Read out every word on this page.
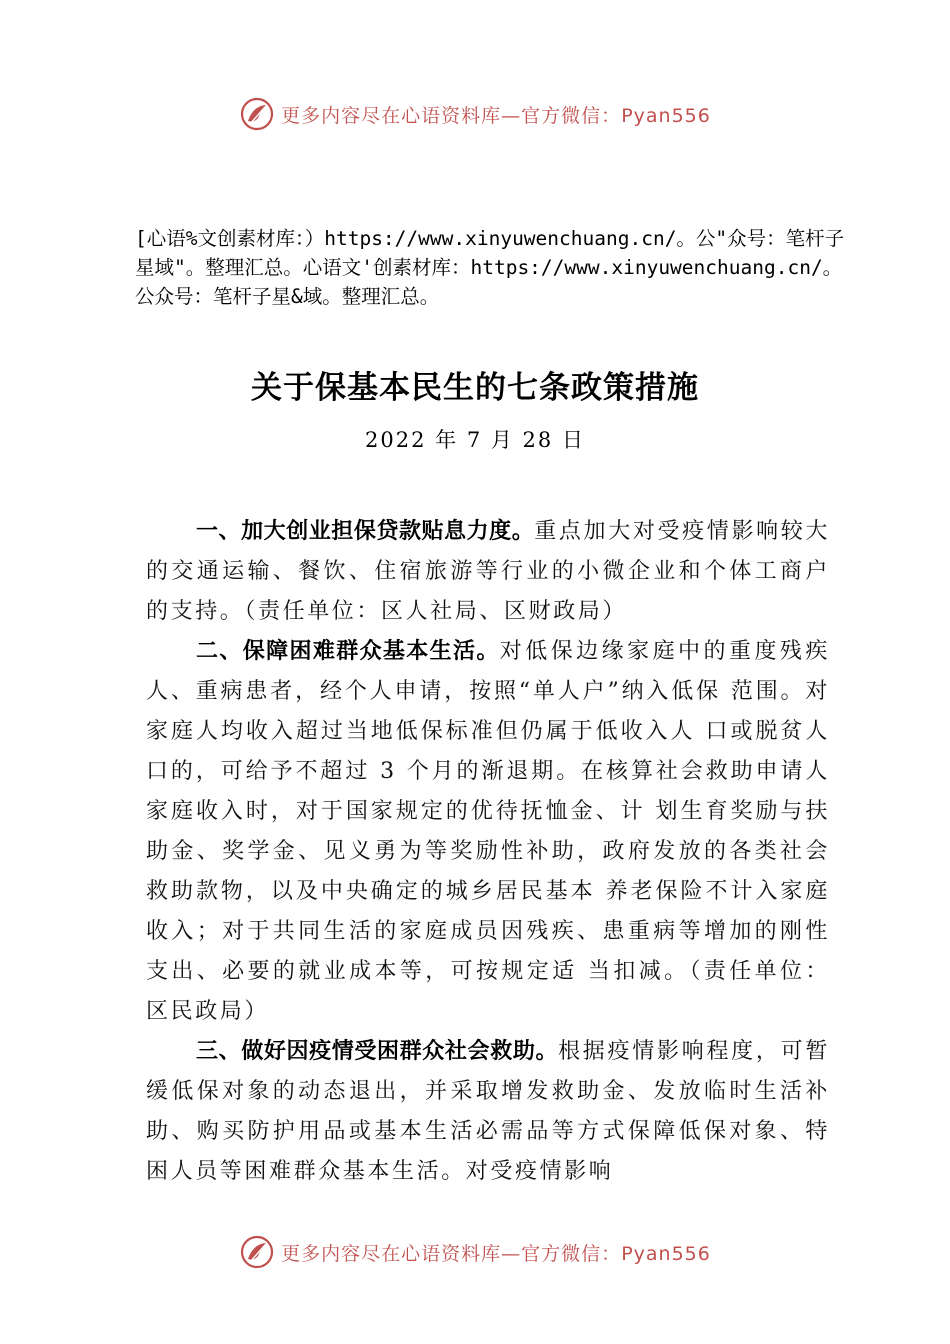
更多内容尽在心语资料库—官方微信：Pyan556
[心语%文创素材库：）https://www.xinyuwenchuang.cn/。公"众号：笔杆子星域"。整理汇总。心语文'创素材库：https://www.xinyuwenchuang.cn/。公众号：笔杆子星&域。整理汇总。
关于保基本民生的七条政策措施
2022 年 7 月 28 日

一、加大创业担保贷款贴息力度。重点加大对受疫情影响较大的交通运输、餐饮、住宿旅游等行业的小微企业和个体工商户的支持。（责任单位：区人社局、区财政局）

二、保障困难群众基本生活。对低保边缘家庭中的重度残疾人、重病患者，经个人申请，按照“单人户”纳入低保 范围。对家庭人均收入超过当地低保标准但仍属于低收入人 口或脱贫人口的，可给予不超过 3 个月的渐退期。在核算社会救助申请人家庭收入时，对于国家规定的优待抚恤金、计 划生育奖励与扶助金、奖学金、见义勇为等奖励性补助，政府发放的各类社会救助款物，以及中央确定的城乡居民基本 养老保险不计入家庭收入；对于共同生活的家庭成员因残疾、患重病等增加的刚性支出、必要的就业成本等，可按规定适 当扣减。（责任单位：区民政局）

三、做好因疫情受困群众社会救助。根据疫情影响程度，可暂缓低保对象的动态退出，并采取增发救助金、发放临时生活补助、购买防护用品或基本生活必需品等方式保障低保对象、特困人员等困难群众基本生活。对受疫情影响

更多内容尽在心语资料库—官方微信：Pyan556
